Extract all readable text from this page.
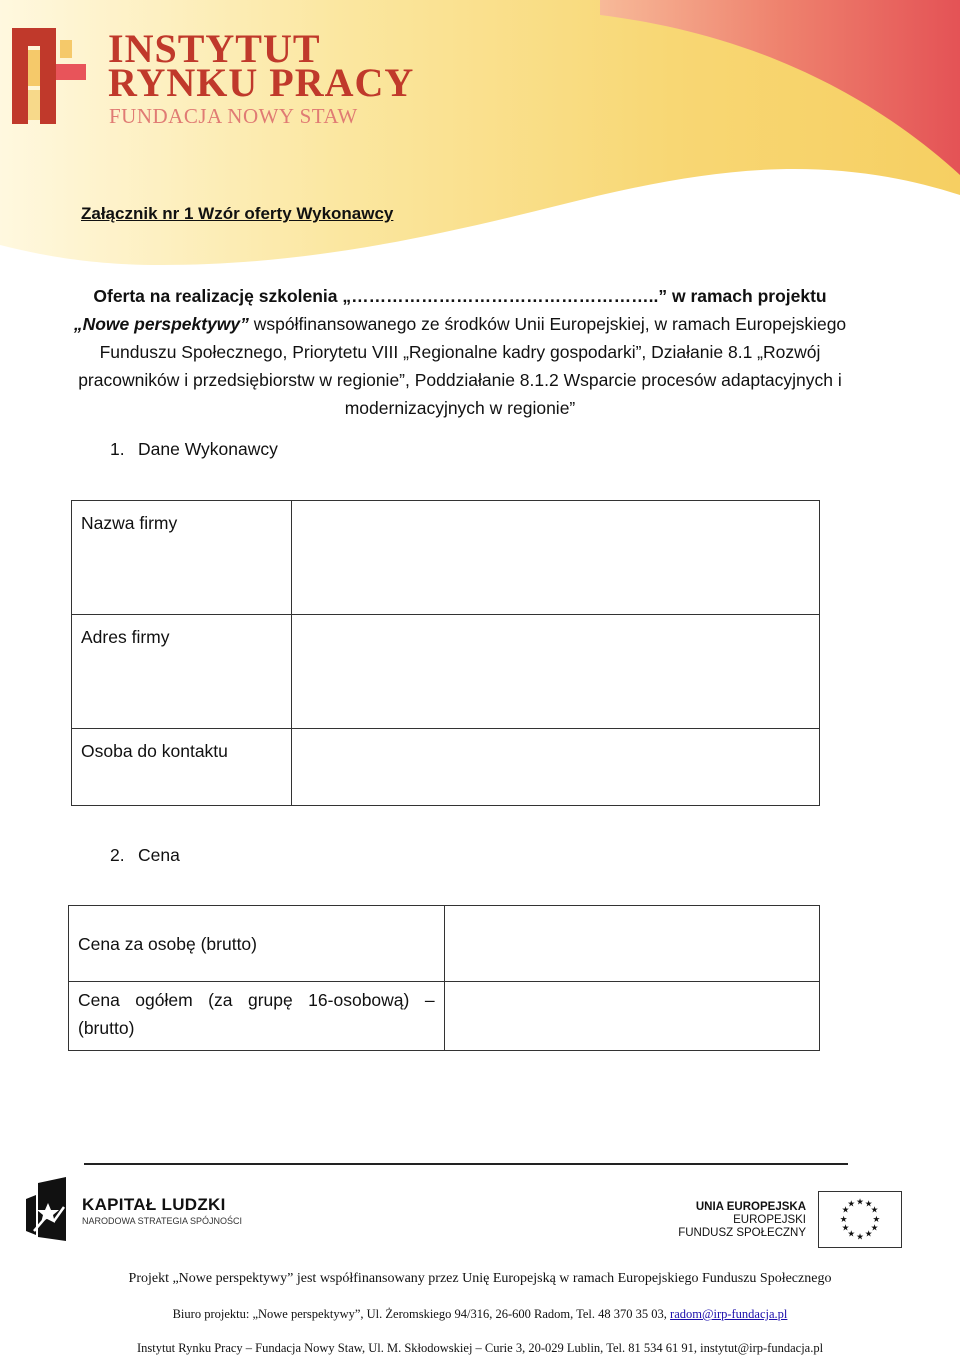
INSTYTUT
RYNKU PRACY
FUNDACJA NOWY STAW
Załącznik nr 1 Wzór oferty Wykonawcy
Oferta na realizację szkolenia „……………………………………………..” w ramach projektu
„Nowe perspektywy” współfinansowanego ze środków Unii Europejskiej, w ramach Europejskiego Funduszu Społecznego, Priorytetu VIII „Regionalne kadry gospodarki”, Działanie 8.1 „Rozwój pracowników i przedsiębiorstw w regionie”, Poddziałanie 8.1.2 Wsparcie procesów adaptacyjnych i modernizacyjnych w regionie”
1. Dane Wykonawcy
Nazwa firmy	
Adres firmy	
Osoba do kontaktu	
2. Cena
Cena za osobę (brutto)	
Cena ogółem (za grupę 16-osobową) – (brutto)	
KAPITAŁ LUDZKI
NARODOWA STRATEGIA SPÓJNOŚCI
UNIA EUROPEJSKA
EUROPEJSKI
FUNDUSZ SPOŁECZNY
★ ★
★
★
★
★
★
★
★
★
★
★
Projekt „Nowe perspektywy” jest współfinansowany przez Unię Europejską w ramach Europejskiego Funduszu Społecznego
Biuro projektu: „Nowe perspektywy”, Ul. Żeromskiego 94/316, 26-600 Radom, Tel. 48 370 35 03, radom@irp-fundacja.pl
Instytut Rynku Pracy – Fundacja Nowy Staw, Ul. M. Skłodowskiej – Curie 3, 20-029 Lublin, Tel. 81 534 61 91, instytut@irp-fundacja.pl
